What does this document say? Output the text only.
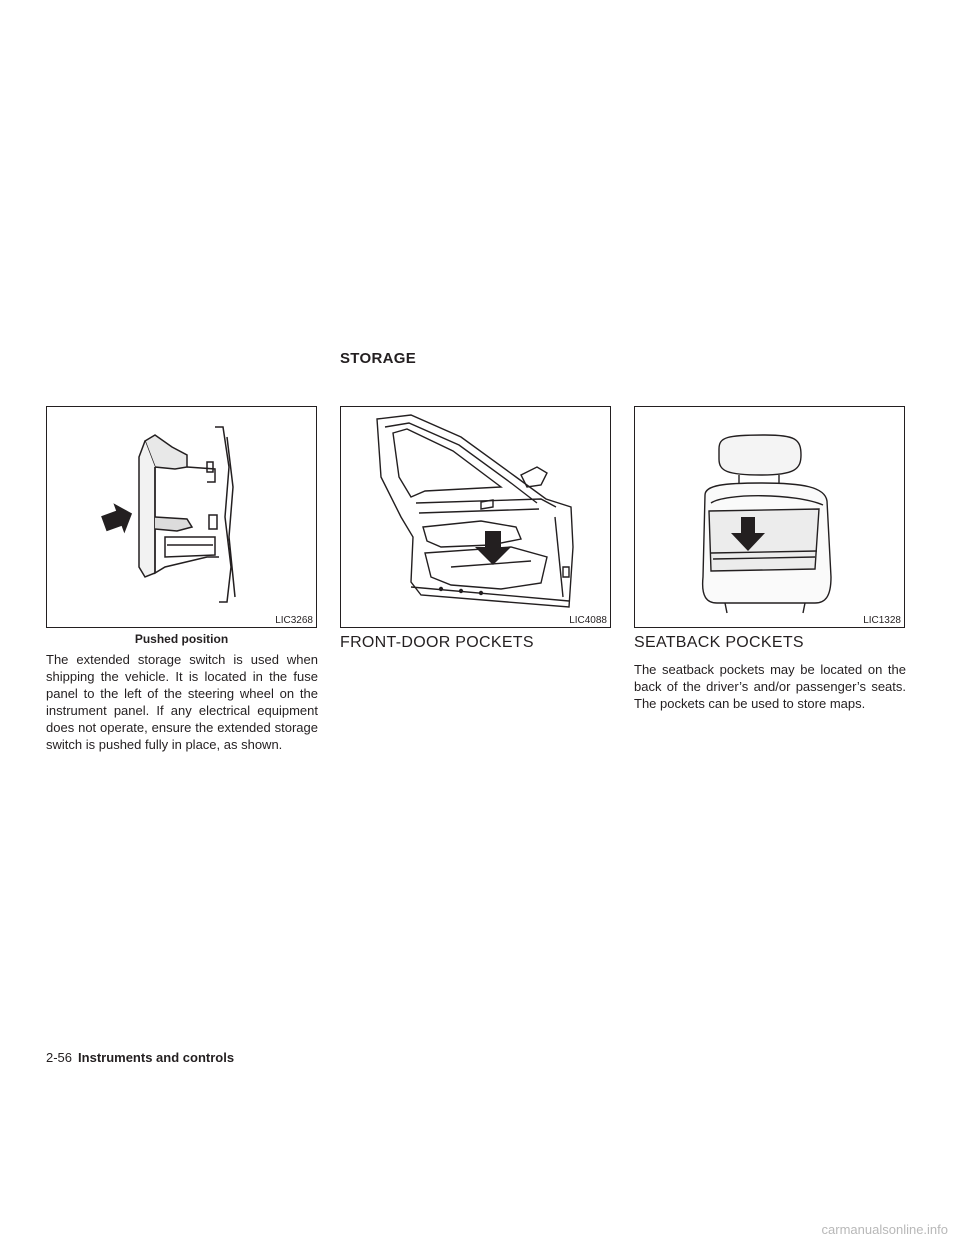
STORAGE
LIC3268
Pushed position
LIC4088	LIC1328
The extended storage switch is used when shipping the vehicle. It is located in the fuse panel to the left of the steering wheel on the instrument panel. If any electrical equipment does not operate, ensure the extended storage switch is pushed fully in place, as shown.
FRONT-DOOR POCKETS	SEATBACK POCKETS
The seatback pockets may be located on the back of the driver’s and/or passenger’s seats. The pockets can be used to store maps.
2-56 Instruments and controls
carmanualsonline.info
